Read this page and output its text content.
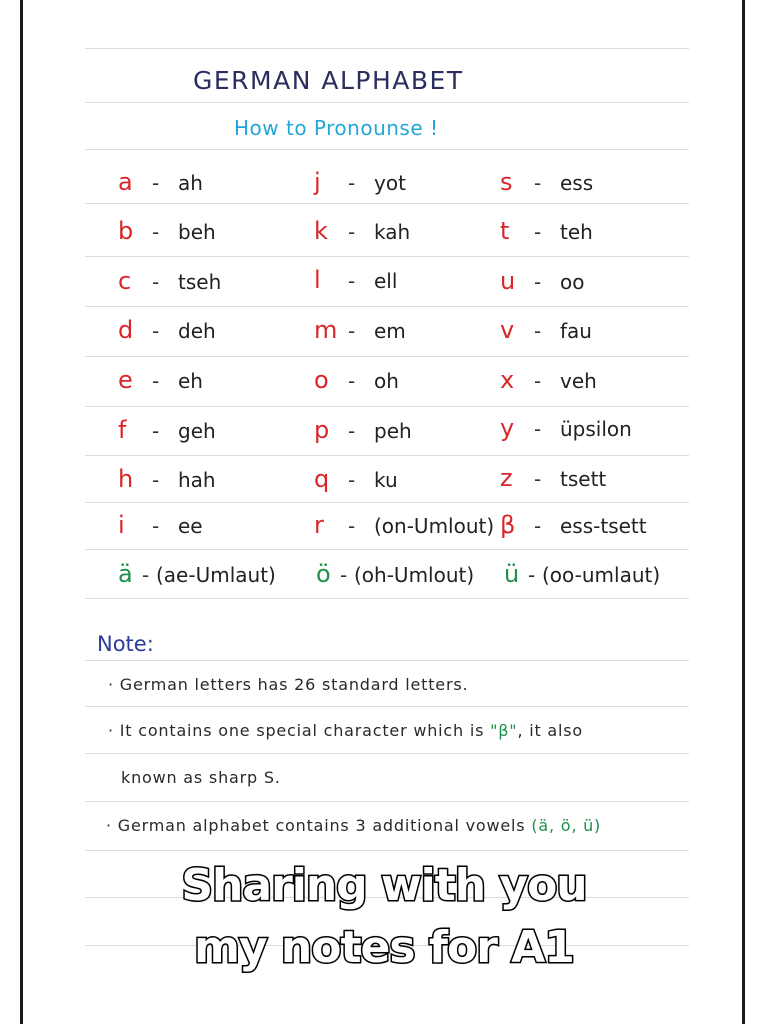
GERMAN ALPHABET
How to Pronounse !
a - ah
b - beh
c - tseh
d - deh
e - eh
f - geh
h - hah
i - ee
j - yot
k - kah
l - ell
m - em
o - oh
p - peh
q - ku
r - (on-Umlout)
s - ess
t - teh
u - oo
v - fau
x - veh
y - üpsilon
z - tsett
β - ess-tsett
ä - (ae-Umlaut) ö - (oh-Umlout) ü - (oo-umlaut)
Note:
· German letters has 26 standard letters.
· It contains one special character which is "β", it also
known as sharp S.
· German alphabet contains 3 additional vowels (ä, ö, ü)
Sharing with you
my notes for A1
